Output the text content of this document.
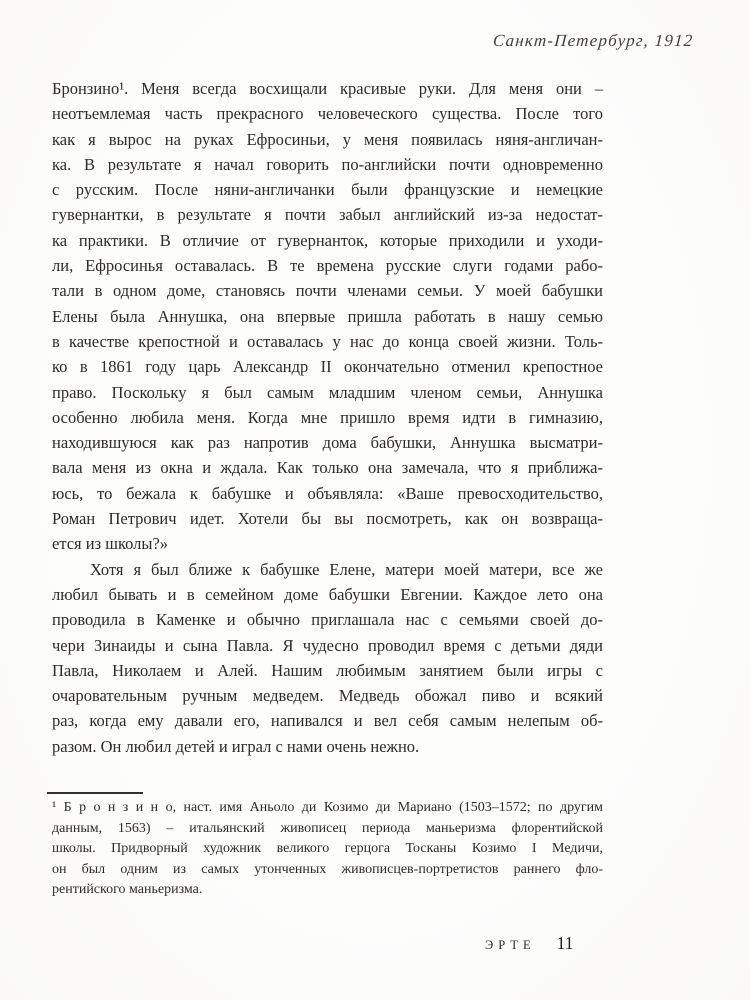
Санкт-Петербург, 1912
Бронзино¹. Меня всегда восхищали красивые руки. Для меня они –
неотъемлемая часть прекрасного человеческого существа. После того
как я вырос на руках Ефросиньи, у меня появилась няня-англичан-
ка. В результате я начал говорить по-английски почти одновременно
с русским. После няни-англичанки были французские и немецкие
гувернантки, в результате я почти забыл английский из-за недостат-
ка практики. В отличие от гувернанток, которые приходили и уходи-
ли, Ефросинья оставалась. В те времена русские слуги годами рабо-
тали в одном доме, становясь почти членами семьи. У моей бабушки
Елены была Аннушка, она впервые пришла работать в нашу семью
в качестве крепостной и оставалась у нас до конца своей жизни. Толь-
ко в 1861 году царь Александр II окончательно отменил крепостное
право. Поскольку я был самым младшим членом семьи, Аннушка
особенно любила меня. Когда мне пришло время идти в гимназию,
находившуюся как раз напротив дома бабушки, Аннушка высматри-
вала меня из окна и ждала. Как только она замечала, что я приближа-
юсь, то бежала к бабушке и объявляла: «Ваше превосходительство,
Роман Петрович идет. Хотели бы вы посмотреть, как он возвраща-
ется из школы?»
Хотя я был ближе к бабушке Елене, матери моей матери, все же
любил бывать и в семейном доме бабушки Евгении. Каждое лето она
проводила в Каменке и обычно приглашала нас с семьями своей до-
чери Зинаиды и сына Павла. Я чудесно проводил время с детьми дяди
Павла, Николаем и Алей. Нашим любимым занятием были игры с
очаровательным ручным медведем. Медведь обожал пиво и всякий
раз, когда ему давали его, напивался и вел себя самым нелепым об-
разом. Он любил детей и играл с нами очень нежно.
¹ Б р о н з и н о, наст. имя Аньоло ди Козимо ди Мариано (1503–1572; по другим
данным, 1563) – итальянский живописец периода маньеризма флорентийской
школы. Придворный художник великого герцога Тосканы Козимо I Медичи,
он был одним из самых утонченных живописцев-портретистов раннего фло-
рентийского маньеризма.
ЭРТЕ 11
